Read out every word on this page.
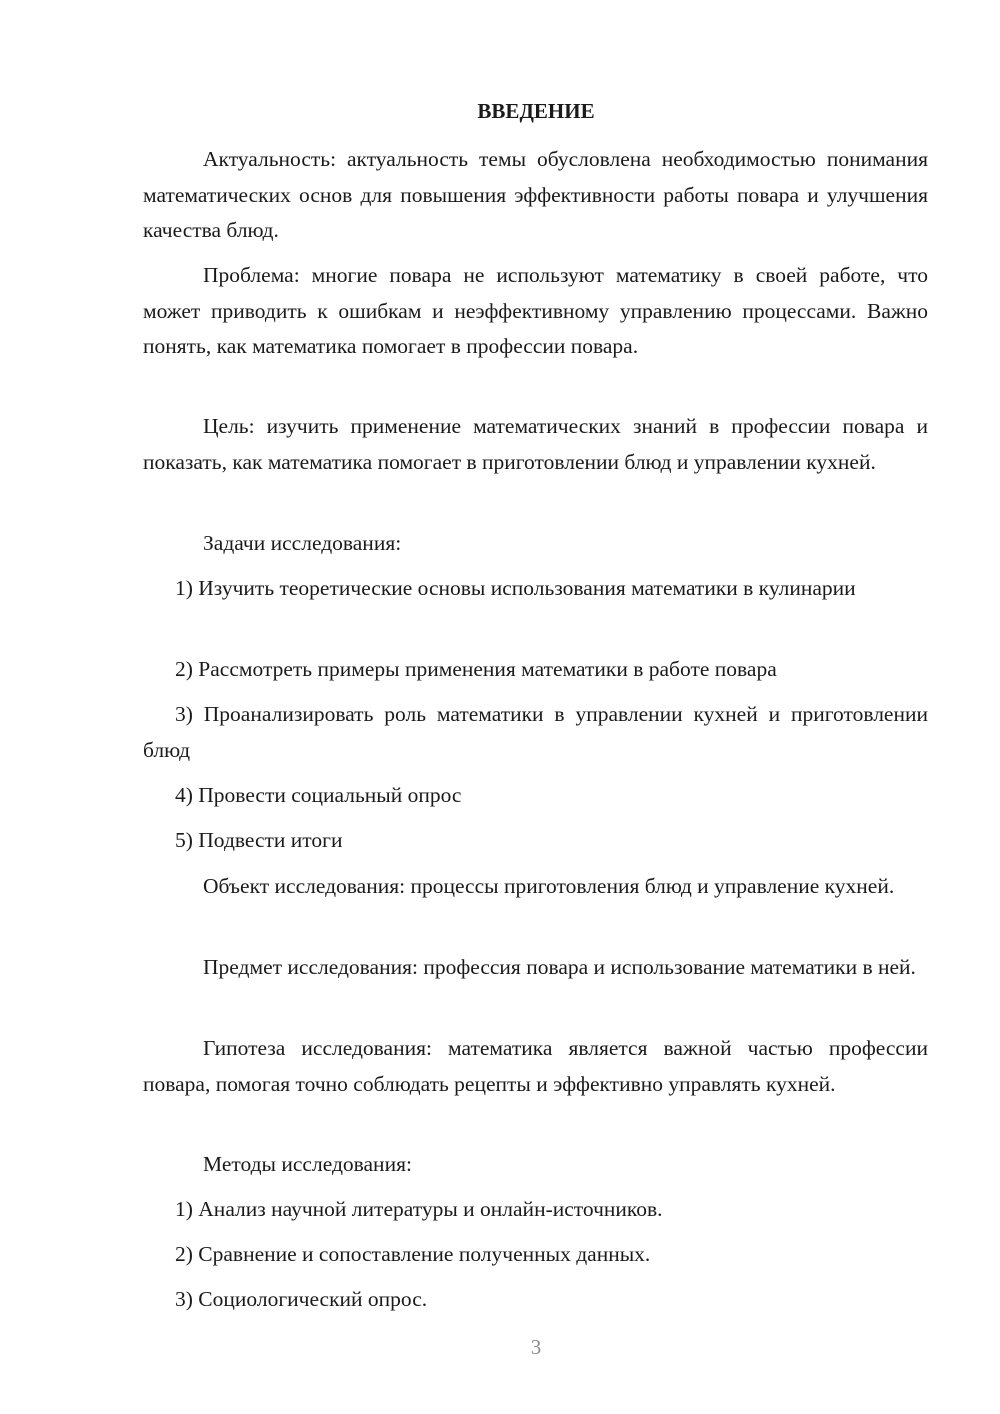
ВВЕДЕНИЕ

Актуальность: актуальность темы обусловлена необходимостью понимания математических основ для повышения эффективности работы повара и улучшения качества блюд.

Проблема: многие повара не используют математику в своей работе, что может приводить к ошибкам и неэффективному управлению процессами. Важно понять, как математика помогает в профессии повара.

Цель: изучить применение математических знаний в профессии повара и показать, как математика помогает в приготовлении блюд и управлении кухней.

Задачи исследования:

1) Изучить теоретические основы использования математики в кулинарии

2) Рассмотреть примеры применения математики в работе повара

3) Проанализировать роль математики в управлении кухней и приготовлении блюд

4) Провести социальный опрос

5) Подвести итоги

Объект исследования: процессы приготовления блюд и управление кухней.

Предмет исследования: профессия повара и использование математики в ней.

Гипотеза исследования: математика является важной частью профессии повара, помогая точно соблюдать рецепты и эффективно управлять кухней.

Методы исследования:

1) Анализ научной литературы и онлайн-источников.

2) Сравнение и сопоставление полученных данных.

3) Социологический опрос.

3
